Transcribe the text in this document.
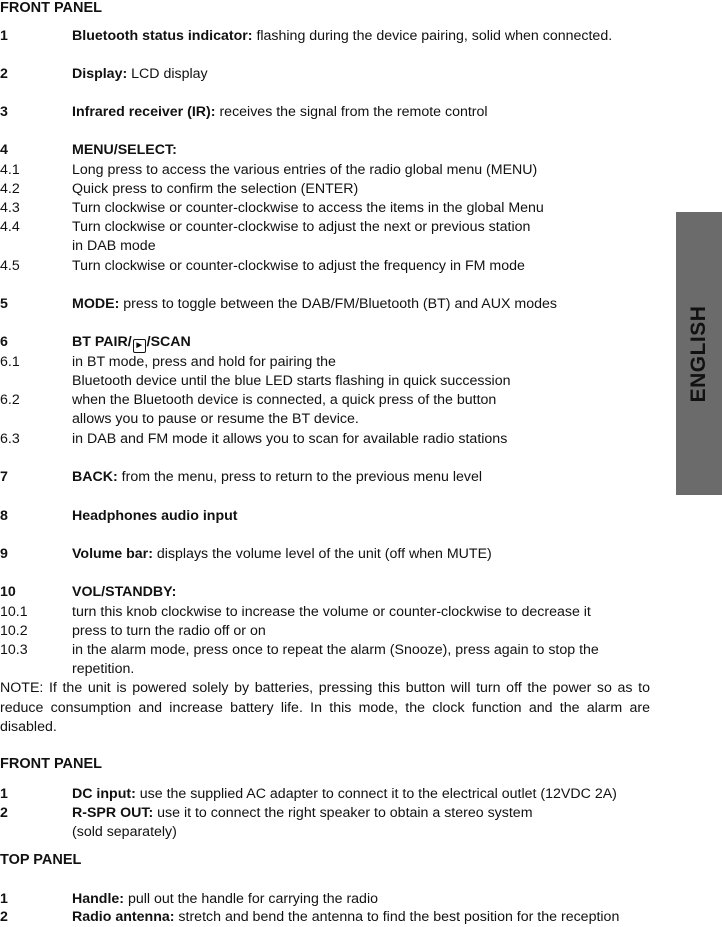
FRONT PANEL
1	Bluetooth status indicator: flashing during the device pairing, solid when connected.
2	Display: LCD display
3	Infrared receiver (IR): receives the signal from the remote control
4	MENU/SELECT:
4.1	Long press to access the various entries of the radio global menu (MENU)
4.2	Quick press to confirm the selection (ENTER)
4.3	Turn clockwise or counter-clockwise to access the items in the global Menu
4.4	Turn clockwise or counter-clockwise to adjust the next or previous station
in DAB mode
4.5	Turn clockwise or counter-clockwise to adjust the frequency in FM mode
5	MODE: press to toggle between the DAB/FM/Bluetooth (BT) and AUX modes
6	BT PAIR/ ▶ /SCAN
6.1	in BT mode, press and hold for pairing the
Bluetooth device until the blue LED starts flashing in quick succession
6.2	when the Bluetooth device is connected, a quick press of the button
allows you to pause or resume the BT device.
6.3	in DAB and FM mode it allows you to scan for available radio stations
7	BACK: from the menu, press to return to the previous menu level
8	Headphones audio input
9	Volume bar: displays the volume level of the unit (off when MUTE)
10	VOL/STANDBY:
10.1	turn this knob clockwise to increase the volume or counter-clockwise to decrease it
10.2	press to turn the radio off or on
10.3	in the alarm mode, press once to repeat the alarm (Snooze), press again to stop the
repetition.
NOTE: If the unit is powered solely by batteries, pressing this button will turn off the power so as to reduce consumption and increase battery life. In this mode, the clock function and the alarm are disabled.
FRONT PANEL
1	DC input: use the supplied AC adapter to connect it to the electrical outlet (12VDC 2A)
2	R-SPR OUT: use it to connect the right speaker to obtain a stereo system
(sold separately)
TOP PANEL
1	Handle: pull out the handle for carrying the radio
2	Radio antenna: stretch and bend the antenna to find the best position for the reception
ENGLISH
